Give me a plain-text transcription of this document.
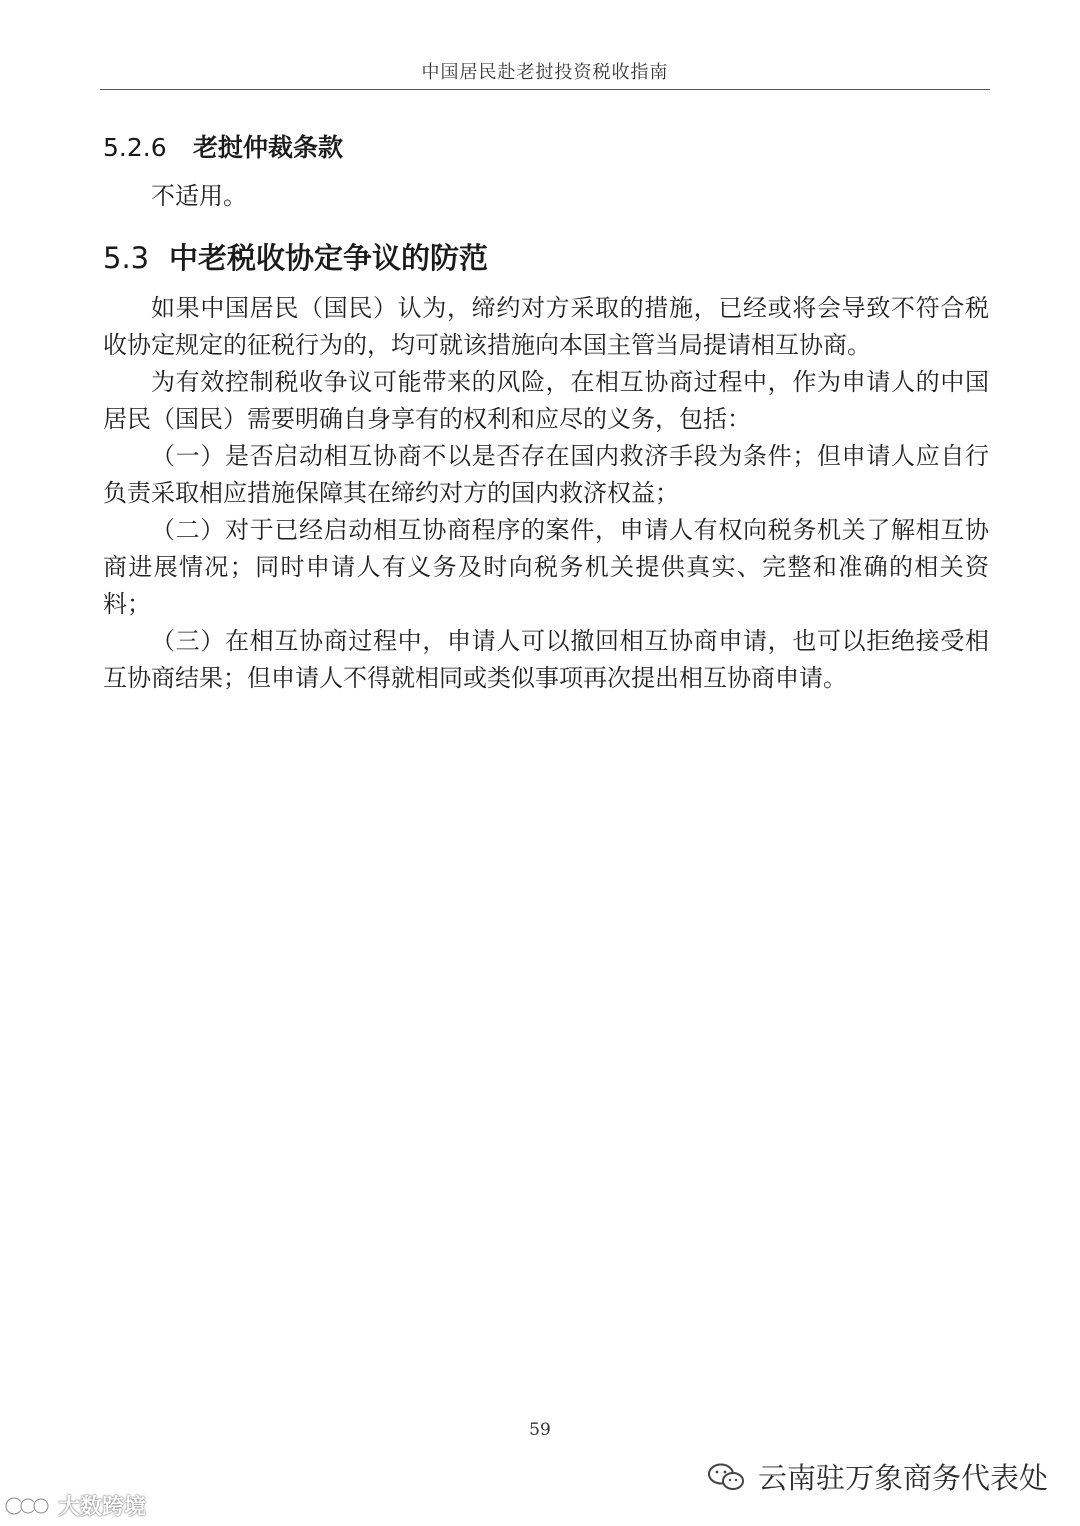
中国居民赴老挝投资税收指南
5.2.6 老挝仲裁条款

不适用。

5.3 中老税收协定争议的防范

如果中国居民（国民）认为，缔约对方采取的措施，已经或将会导致不符合税收协定规定的征税行为的，均可就该措施向本国主管当局提请相互协商。

为有效控制税收争议可能带来的风险，在相互协商过程中，作为申请人的中国居民（国民）需要明确自身享有的权利和应尽的义务，包括：

（一）是否启动相互协商不以是否存在国内救济手段为条件；但申请人应自行负责采取相应措施保障其在缔约对方的国内救济权益；

（二）对于已经启动相互协商程序的案件，申请人有权向税务机关了解相互协商进展情况；同时申请人有义务及时向税务机关提供真实、完整和准确的相关资料；

（三）在相互协商过程中，申请人可以撤回相互协商申请，也可以拒绝接受相互协商结果；但申请人不得就相同或类似事项再次提出相互协商申请。

59
云南驻万象商务代表处
大数跨境
